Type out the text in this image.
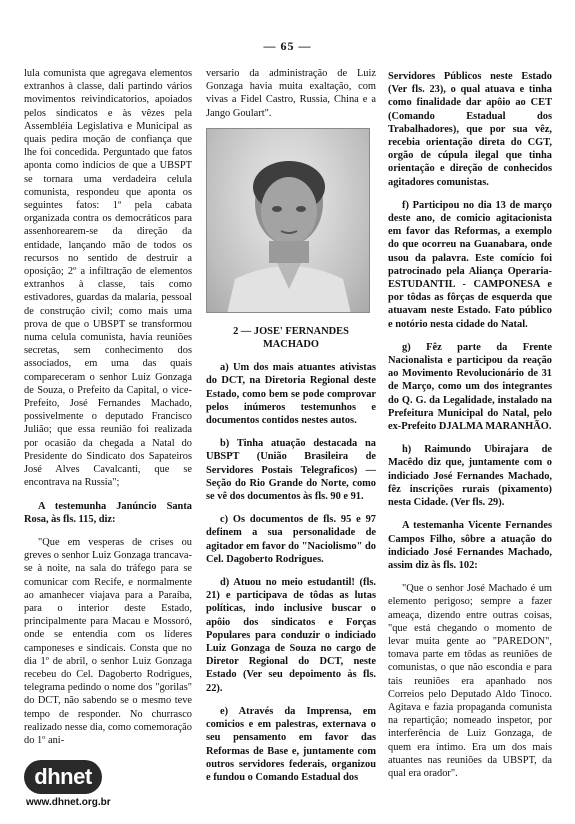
— 65 —

lula comunista que agregava elementos extranhos à classe, dali partindo vários movimentos reivindicatorios, apoiados pelos sindicatos e às vêzes pela Assembléia Legislativa e Municipal as quais pedira moção de confiança que lhe foi concedida. Perguntado que fatos aponta como indícios de que a UBSPT se tornara uma verdadeira celula comunista, respondeu que aponta os seguintes fatos: 1º pela cabata organizada contra os democráticos para assenhorearem-se da direção da entidade, lançando mão de todos os recursos no sentido de destruir a oposição; 2º a infiltração de elementos extranhos à classe, tais como estivadores, guardas da malaria, pessoal de construção civil; como mais uma prova de que o UBSPT se transformou numa celula comunista, havia reuniões secretas, sem conhecimento dos associados, em uma das quais compareceram o senhor Luiz Gonzaga de Souza, o Prefeito da Capital, o vice-Prefeito, José Fernandes Machado, possivelmente o deputado Francisco Julião; que essa reunião foi realizada por ocasião da chegada a Natal do Presidente do Sindicato dos Sapateiros José Alves Cavalcanti, que se encontrava na Russia";

A testemunha Janúncio Santa Rosa, às fls. 115, diz:

"Que em vesperas de crises ou greves o senhor Luiz Gonzaga trancava-se à noite, na sala do tráfego para se comunicar com Recife, e normalmente ao amanhecer viajava para a Paraíba, para o interior deste Estado, principalmente para Macau e Mossoró, onde se entendia com os líderes camponeses e sindicais. Consta que no dia 1º de abril, o senhor Luiz Gonzaga recebeu do Cel. Dagoberto Rodrigues, telegrama pedindo o nome dos "gorilas" do DCT, não sabendo se o mesmo teve tempo de responder. No churrasco realizado nesse dia, como comemoração do 1º ani-

versario da administração de Luiz Gonzaga havia muita exaltação, com vivas a Fidel Castro, Russia, China e a Jango Goulart".

2 — JOSE' FERNANDES MACHADO

a) Um dos mais atuantes ativistas do DCT, na Diretoria Regional deste Estado, como bem se pode comprovar pelos inúmeros testemunhos e documentos contidos nestes autos.

b) Tinha atuação destacada na UBSPT (União Brasileira de Servidores Postais Telegraficos) — Seção do Rio Grande do Norte, como se vê dos documentos às fls. 90 e 91.

c) Os documentos de fls. 95 e 97 definem a sua personalidade de agitador em favor do "Naciolismo" do Cel. Dagoberto Rodrigues.

d) Atuou no meio estudantil! (fls. 21) e participava de tôdas as lutas políticas, indo inclusive buscar o apôio dos sindicatos e Forças Populares para conduzir o indiciado Luiz Gonzaga de Souza no cargo de Diretor Regional do DCT, neste Estado (Ver seu depoimento às fls. 22).

e) Através da Imprensa, em comicios e em palestras, externava o seu pensamento em favor das Reformas de Base e, juntamente com outros servidores federais, organizou e fundou o Comando Estadual dos

Servidores Públicos neste Estado (Ver fls. 23), o qual atuava e tinha como finalidade dar apôio ao CET (Comando Estadual dos Trabalhadores), que por sua vêz, recebia orientação direta do CGT, orgão de cúpula ilegal que tinha orientação e direção de conhecidos agitadores comunistas.

f) Participou no dia 13 de março deste ano, de comicio agitacionista em favor das Reformas, a exemplo do que ocorreu na Guanabara, onde usou da palavra. Este comício foi patrocinado pela Aliança Operaria-ESTUDANTIL - CAMPONESA e por tôdas as fôrças de esquerda que atuavam neste Estado. Fato público e notório nesta cidade do Natal.

g) Fêz parte da Frente Nacionalista e participou da reação ao Movimento Revolucionário de 31 de Março, como um dos integrantes do Q. G. da Legalidade, instalado na Prefeitura Municipal do Natal, pelo ex-Prefeito DJALMA MARANHÃO.

h) Raimundo Ubirajara de Macêdo diz que, juntamente com o indiciado José Fernandes Machado, fêz inscrições rurais (pixamento) nesta Cidade. (Ver fls. 29).

A testemanha Vicente Fernandes Campos Filho, sôbre a atuação do indiciado José Fernandes Machado, assim diz às fls. 102:

"Que o senhor José Machado é um elemento perigoso; sempre a fazer ameaça, dizendo entre outras coisas, "que está chegando o momento de levar muita gente ao "PAREDON", tomava parte em tôdas as reuniões de comunistas, o que não escondia e para tais reuniões era apanhado nos Correios pelo Deputado Aldo Tinoco. Agitava e fazia propaganda comunista na repartição; nomeado inspetor, por interferência de Luiz Gonzaga, de quem era íntimo. Era um dos mais atuantes nas reuniões da UBSPT, da qual era orador".

dhnet
www.dhnet.org.br
